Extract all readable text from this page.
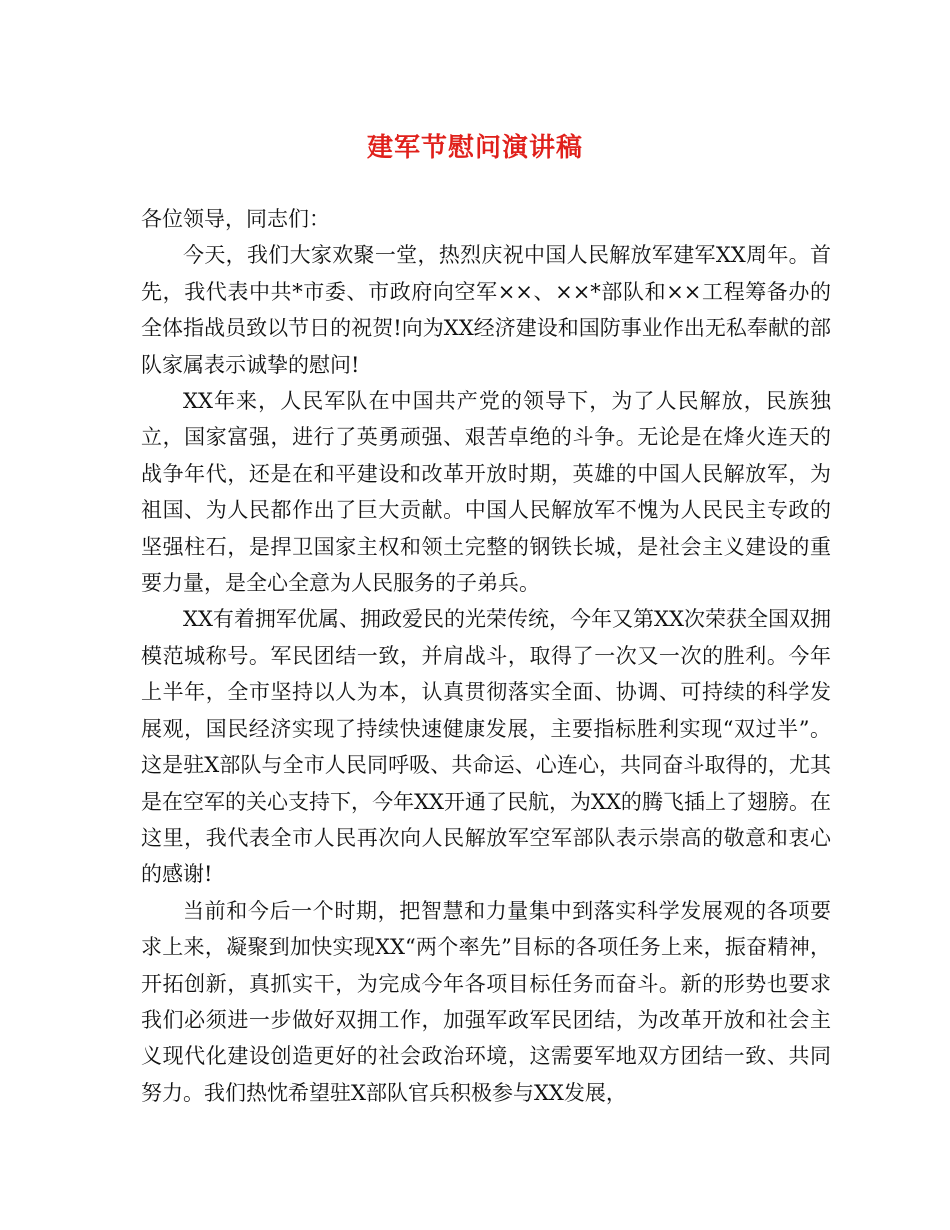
建军节慰问演讲稿

各位领导，同志们：

今天，我们大家欢聚一堂，热烈庆祝中国人民解放军建军XX周年。首先，我代表中共*市委、市政府向空军××、××*部队和××工程筹备办的全体指战员致以节日的祝贺!向为XX经济建设和国防事业作出无私奉献的部队家属表示诚挚的慰问!

XX年来，人民军队在中国共产党的领导下，为了人民解放，民族独立，国家富强，进行了英勇顽强、艰苦卓绝的斗争。无论是在烽火连天的战争年代，还是在和平建设和改革开放时期，英雄的中国人民解放军，为祖国、为人民都作出了巨大贡献。中国人民解放军不愧为人民民主专政的坚强柱石，是捍卫国家主权和领土完整的钢铁长城，是社会主义建设的重要力量，是全心全意为人民服务的子弟兵。

XX有着拥军优属、拥政爱民的光荣传统，今年又第XX次荣获全国双拥模范城称号。军民团结一致，并肩战斗，取得了一次又一次的胜利。今年上半年，全市坚持以人为本，认真贯彻落实全面、协调、可持续的科学发展观，国民经济实现了持续快速健康发展，主要指标胜利实现“双过半”。这是驻X部队与全市人民同呼吸、共命运、心连心，共同奋斗取得的，尤其是在空军的关心支持下，今年XX开通了民航，为XX的腾飞插上了翅膀。在这里，我代表全市人民再次向人民解放军空军部队表示崇高的敬意和衷心的感谢!

当前和今后一个时期，把智慧和力量集中到落实科学发展观的各项要求上来，凝聚到加快实现XX“两个率先”目标的各项任务上来，振奋精神，开拓创新，真抓实干，为完成今年各项目标任务而奋斗。新的形势也要求我们必须进一步做好双拥工作，加强军政军民团结，为改革开放和社会主义现代化建设创造更好的社会政治环境，这需要军地双方团结一致、共同努力。我们热忱希望驻X部队官兵积极参与XX发展，
